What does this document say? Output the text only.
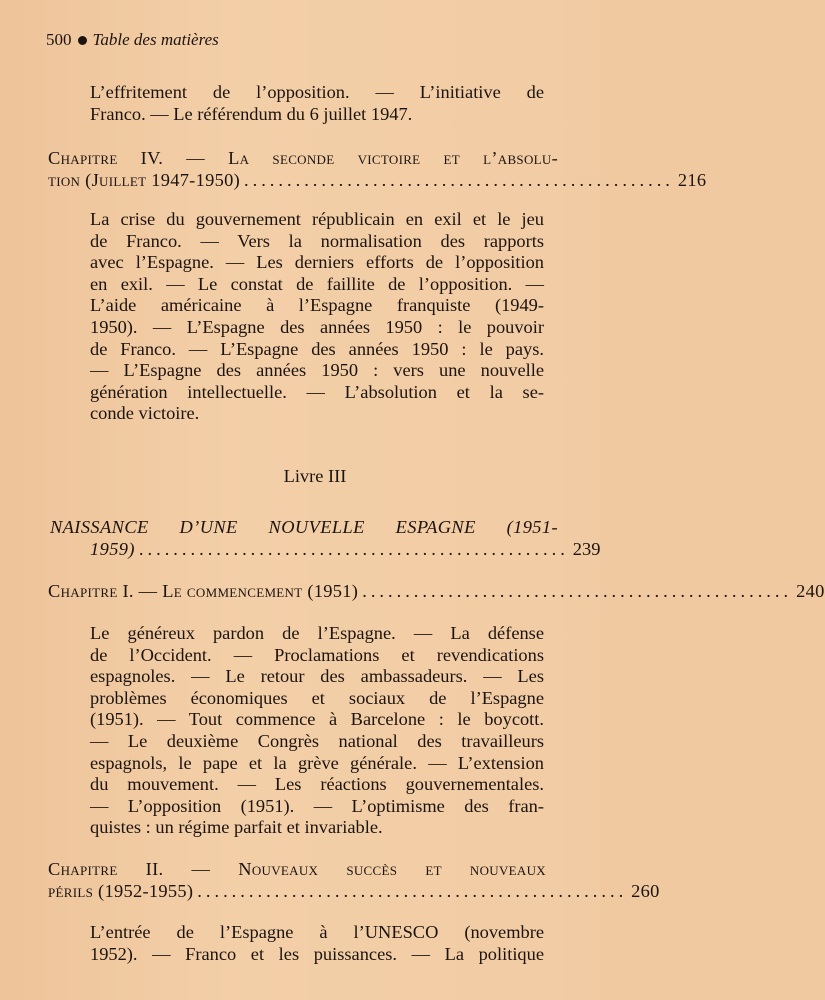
500 Table des matières
L’effritement de l’opposition. — L’initiative de
Franco. — Le référendum du 6 juillet 1947.
Chapitre IV. — La seconde victoire et l’absolu-
tion (Juillet 1947-1950) .................................................. 216
La crise du gouvernement républicain en exil et le jeu
de Franco. — Vers la normalisation des rapports
avec l’Espagne. — Les derniers efforts de l’opposition
en exil. — Le constat de faillite de l’opposition. —
L’aide américaine à l’Espagne franquiste (1949-
1950). — L’Espagne des années 1950 : le pouvoir
de Franco. — L’Espagne des années 1950 : le pays.
— L’Espagne des années 1950 : vers une nouvelle
génération intellectuelle. — L’absolution et la se-
conde victoire.
Livre III
NAISSANCE D’UNE NOUVELLE ESPAGNE (1951-
1959) .................................................. 239
Chapitre I. — Le commencement (1951) .................................................. 240
Le généreux pardon de l’Espagne. — La défense
de l’Occident. — Proclamations et revendications
espagnoles. — Le retour des ambassadeurs. — Les
problèmes économiques et sociaux de l’Espagne
(1951). — Tout commence à Barcelone : le boycott.
— Le deuxième Congrès national des travailleurs
espagnols, le pape et la grève générale. — L’extension
du mouvement. — Les réactions gouvernementales.
— L’opposition (1951). — L’optimisme des fran-
quistes : un régime parfait et invariable.
Chapitre II. — Nouveaux succès et nouveaux
périls (1952-1955) .................................................. 260
L’entrée de l’Espagne à l’UNESCO (novembre
1952). — Franco et les puissances. — La politique
